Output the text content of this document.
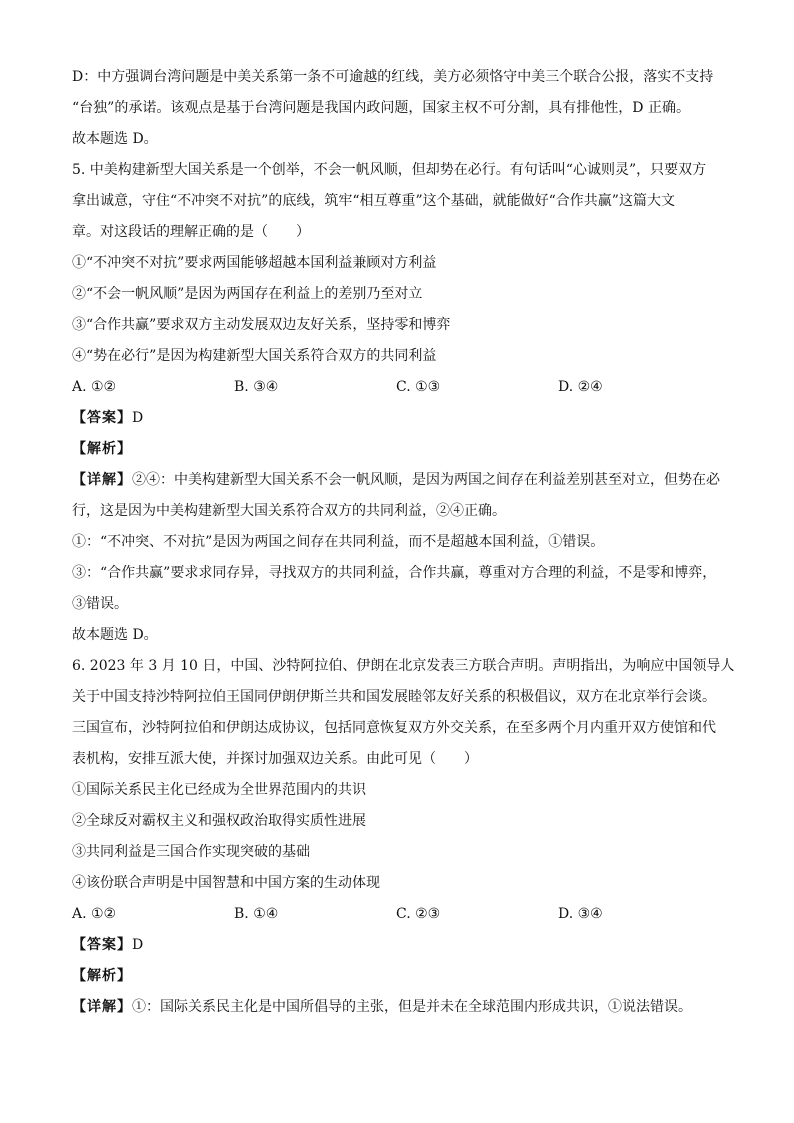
D：中方强调台湾问题是中美关系第一条不可逾越的红线，美方必须恪守中美三个联合公报，落实不支持
“台独”的承诺。该观点是基于台湾问题是我国内政问题，国家主权不可分割，具有排他性，D 正确。
故本题选 D。
5. 中美构建新型大国关系是一个创举，不会一帆风顺，但却势在必行。有句话叫“心诚则灵”，只要双方
拿出诚意，守住“不冲突不对抗”的底线，筑牢“相互尊重”这个基础，就能做好“合作共赢”这篇大文
章。对这段话的理解正确的是（　　）
①“不冲突不对抗”要求两国能够超越本国利益兼顾对方利益
②“不会一帆风顺”是因为两国存在利益上的差别乃至对立
③“合作共赢”要求双方主动发展双边友好关系，坚持零和博弈
④“势在必行”是因为构建新型大国关系符合双方的共同利益
A. ①②	B. ③④	C. ①③	D. ②④
【答案】D
【解析】
【详解】②④：中美构建新型大国关系不会一帆风顺，是因为两国之间存在利益差别甚至对立，但势在必
行，这是因为中美构建新型大国关系符合双方的共同利益，②④正确。
①：“不冲突、不对抗”是因为两国之间存在共同利益，而不是超越本国利益，①错误。
③：“合作共赢”要求求同存异，寻找双方的共同利益，合作共赢，尊重对方合理的利益，不是零和博弈，
③错误。
故本题选 D。
6. 2023 年 3 月 10 日，中国、沙特阿拉伯、伊朗在北京发表三方联合声明。声明指出，为响应中国领导人
关于中国支持沙特阿拉伯王国同伊朗伊斯兰共和国发展睦邻友好关系的积极倡议，双方在北京举行会谈。
三国宣布，沙特阿拉伯和伊朗达成协议，包括同意恢复双方外交关系，在至多两个月内重开双方使馆和代
表机构，安排互派大使，并探讨加强双边关系。由此可见（　　）
①国际关系民主化已经成为全世界范围内的共识
②全球反对霸权主义和强权政治取得实质性进展
③共同利益是三国合作实现突破的基础
④该份联合声明是中国智慧和中国方案的生动体现
A. ①②	B. ①④	C. ②③	D. ③④
【答案】D
【解析】
【详解】①：国际关系民主化是中国所倡导的主张，但是并未在全球范围内形成共识，①说法错误。
